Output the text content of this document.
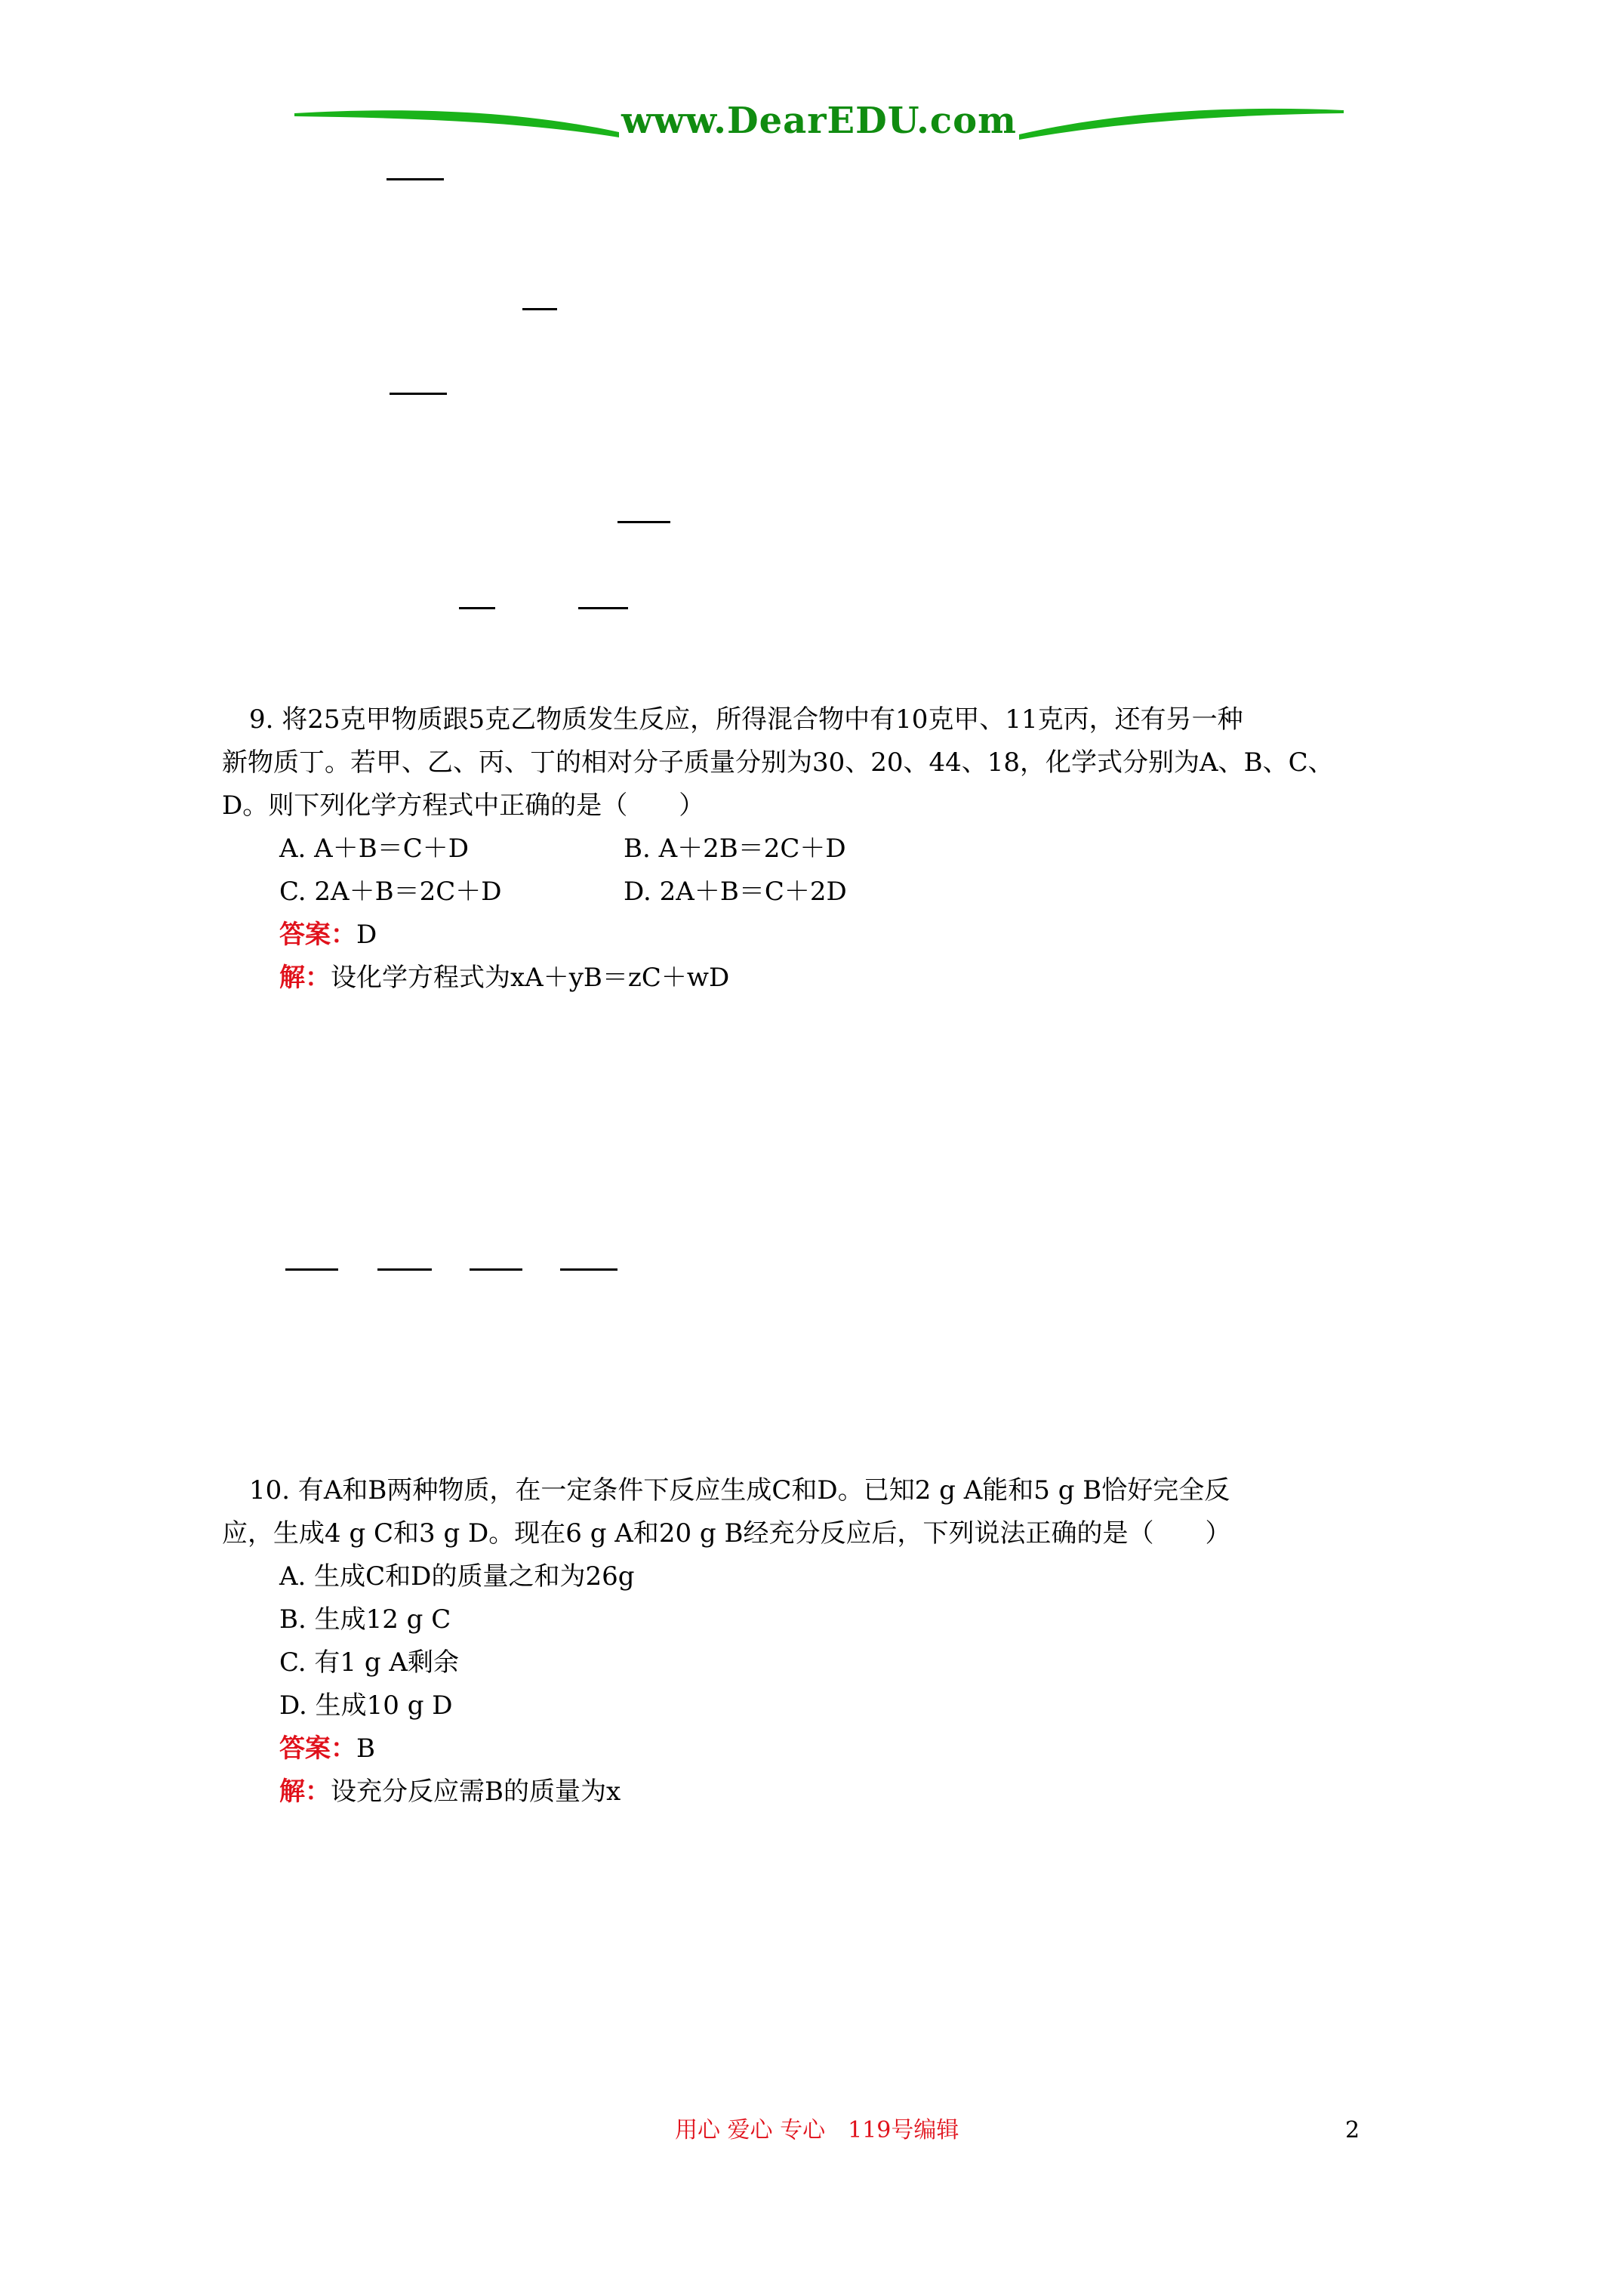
www.DearEDU.com
9. 将25克甲物质跟5克乙物质发生反应，所得混合物中有10克甲、11克丙，还有另一种
新物质丁。若甲、乙、丙、丁的相对分子质量分别为30、20、44、18，化学式分别为A、B、C、
D。则下列化学方程式中正确的是（　　）
A. A＋B＝C＋D	B. A＋2B＝2C＋D
C. 2A＋B＝2C＋D	D. 2A＋B＝C＋2D
答案：D
解：设化学方程式为xA＋yB＝zC＋wD
10. 有A和B两种物质，在一定条件下反应生成C和D。已知2 g A能和5 g B恰好完全反
应，生成4 g C和3 g D。现在6 g A和20 g B经充分反应后，下列说法正确的是（　　）
A. 生成C和D的质量之和为26g
B. 生成12 g C
C. 有1 g A剩余
D. 生成10 g D
答案：B
解：设充分反应需B的质量为x
用心 爱心 专心　119号编辑	2
